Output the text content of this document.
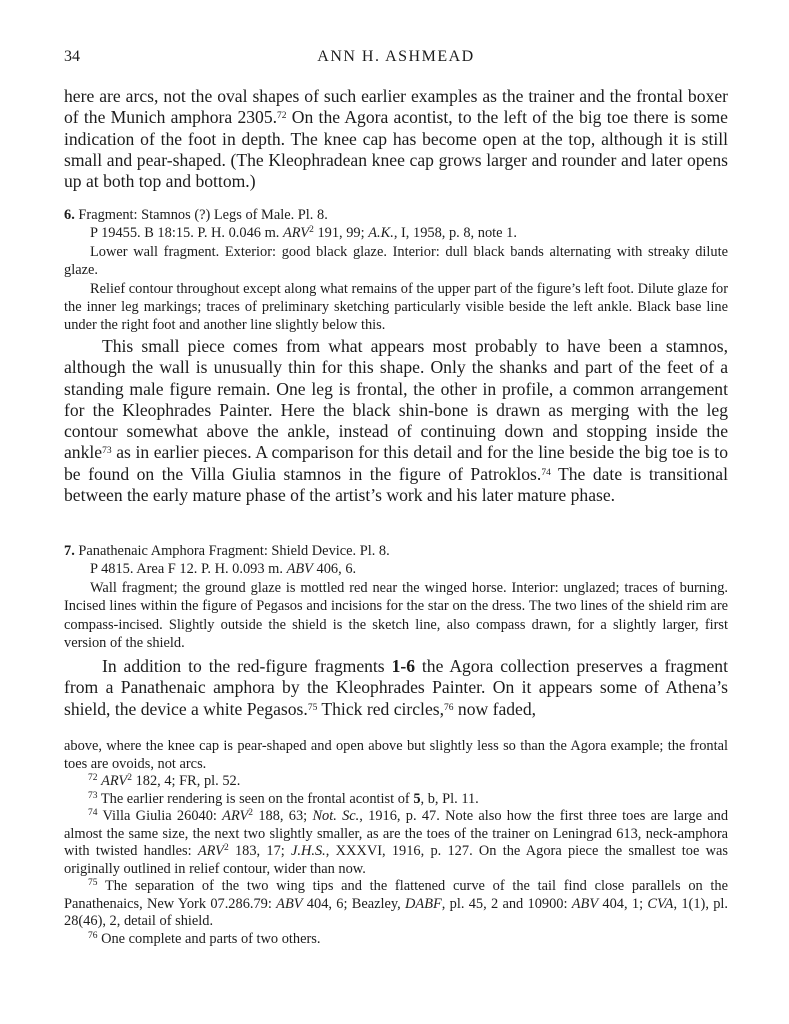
34	ANN H. ASHMEAD

here are arcs, not the oval shapes of such earlier examples as the trainer and the frontal boxer of the Munich amphora 2305.72 On the Agora acontist, to the left of the big toe there is some indication of the foot in depth. The knee cap has become open at the top, although it is still small and pear-shaped. (The Kleophradean knee cap grows larger and rounder and later opens up at both top and bottom.)

6. Fragment: Stamnos (?) Legs of Male. Pl. 8.

P 19455. B 18:15. P. H. 0.046 m. ARV$^2$ 191, 99; A.K., I, 1958, p. 8, note 1.

Lower wall fragment. Exterior: good black glaze. Interior: dull black bands alternating with streaky dilute glaze.

Relief contour throughout except along what remains of the upper part of the figure’s left foot. Dilute glaze for the inner leg markings; traces of preliminary sketching particularly visible beside the left ankle. Black base line under the right foot and another line slightly below this.

This small piece comes from what appears most probably to have been a stamnos, although the wall is unusually thin for this shape. Only the shanks and part of the feet of a standing male figure remain. One leg is frontal, the other in profile, a common arrangement for the Kleophrades Painter. Here the black shin-bone is drawn as merging with the leg contour somewhat above the ankle, instead of continuing down and stopping inside the ankle$^{73}$ as in earlier pieces. A comparison for this detail and for the line beside the big toe is to be found on the Villa Giulia stamnos in the figure of Patroklos.$^{74}$ The date is transitional between the early mature phase of the artist’s work and his later mature phase.

7. Panathenaic Amphora Fragment: Shield Device. Pl. 8.

P 4815. Area F 12. P. H. 0.093 m. ABV 406, 6.

Wall fragment; the ground glaze is mottled red near the winged horse. Interior: unglazed; traces of burning. Incised lines within the figure of Pegasos and incisions for the star on the dress. The two lines of the shield rim are compass-incised. Slightly outside the shield is the sketch line, also compass drawn, for a slightly larger, first version of the shield.

In addition to the red-figure fragments 1-6 the Agora collection preserves a fragment from a Panathenaic amphora by the Kleophrades Painter. On it appears some of Athena’s shield, the device a white Pegasos.$^{75}$ Thick red circles,$^{76}$ now faded,

above, where the knee cap is pear-shaped and open above but slightly less so than the Agora example; the frontal toes are ovoids, not arcs.

$^{72}$ ARV$^2$ 182, 4; FR, pl. 52.

$^{73}$ The earlier rendering is seen on the frontal acontist of 5, b, Pl. 11.

$^{74}$ Villa Giulia 26040: ARV$^2$ 188, 63; Not. Sc., 1916, p. 47. Note also how the first three toes are large and almost the same size, the next two slightly smaller, as are the toes of the trainer on Leningrad 613, neck-amphora with twisted handles: ARV$^2$ 183, 17; J.H.S., XXXVI, 1916, p. 127. On the Agora piece the smallest toe was originally outlined in relief contour, wider than now.

$^{75}$ The separation of the two wing tips and the flattened curve of the tail find close parallels on the Panathenaics, New York 07.286.79: ABV 404, 6; Beazley, DABF, pl. 45, 2 and 10900: ABV 404, 1; CVA, 1(1), pl. 28(46), 2, detail of shield.

$^{76}$ One complete and parts of two others.
